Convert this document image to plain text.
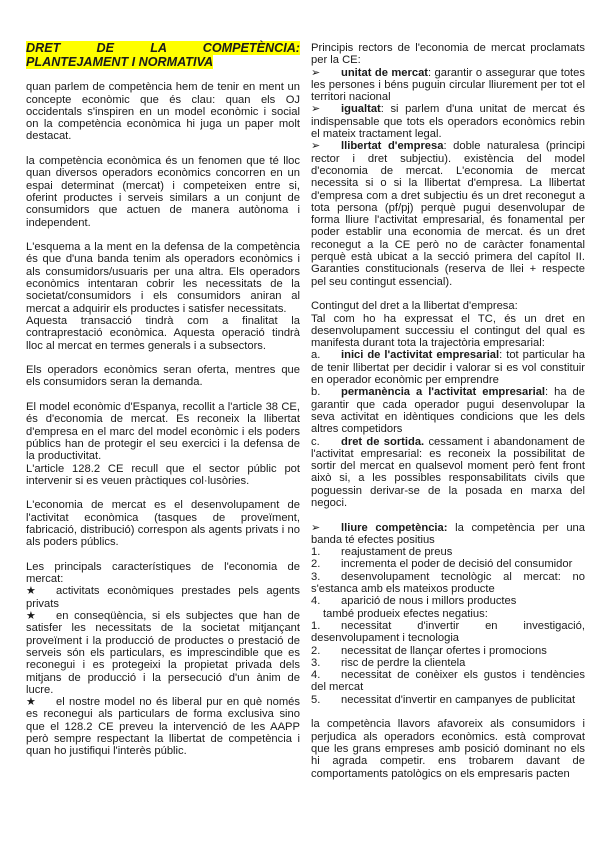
DRET DE LA COMPETÈNCIA: PLANTEJAMENT I NORMATIVA

quan parlem de competència hem de tenir en ment un concepte econòmic que és clau: quan els OJ occidentals s'inspiren en un model econòmic i social on la competència econòmica hi juga un paper molt destacat.

la competència econòmica és un fenomen que té lloc quan diversos operadors econòmics concorren en un espai determinat (mercat) i competeixen entre si, oferint productes i serveis similars a un conjunt de consumidors que actuen de manera autònoma i independent.

L'esquema a la ment en la defensa de la competència és que d'una banda tenim als operadors econòmics i als consumidors/usuaris per una altra. Els operadors econòmics intentaran cobrir les necessitats de la societat/consumidors i els consumidors aniran al mercat a adquirir els productes i satisfer necessitats.

Aquesta transacció tindrà com a finalitat la contraprestació econòmica. Aquesta operació tindrà lloc al mercat en termes generals i a subsectors.

Els operadors econòmics seran oferta, mentres que els consumidors seran la demanda.

El model econòmic d'Espanya, recollit a l'article 38 CE, és d'economia de mercat. Es reconeix la llibertat d'empresa en el marc del model econòmic i els poders públics han de protegir el seu exercici i la defensa de la productivitat.

L'article 128.2 CE recull que el sector públic pot intervenir si es veuen pràctiques col·lusòries.

L'economia de mercat es el desenvolupament de l'activitat econòmica (tasques de proveïment, fabricació, distribució) correspon als agents privats i no als poders públics.

Les principals característiques de l'economia de mercat:

★ activitats econòmiques prestades pels agents privats

★ en conseqüència, si els subjectes que han de satisfer les necessitats de la societat mitjançant proveïment i la producció de productes o prestació de serveis són els particulars, es imprescindible que es reconegui i es protegeixi la propietat privada dels mitjans de producció i la persecució d'un ànim de lucre.

★ el nostre model no és liberal pur en què només es reconegui als particulars de forma exclusiva sino que el 128.2 CE preveu la intervenció de les AAPP però sempre respectant la llibertat de competència i quan ho justifiqui l'interès públic.

Principis rectors de l'economia de mercat proclamats per la CE:

➢ unitat de mercat: garantir o assegurar que totes les persones i béns puguin circular lliurement per tot el territori nacional

➢ igualtat: si parlem d'una unitat de mercat és indispensable que tots els operadors econòmics rebin el mateix tractament legal.

➢ llibertat d'empresa: doble naturalesa (principi rector i dret subjectiu). existència del model d'economia de mercat. L'economia de mercat necessita si o si la llibertat d'empresa. La llibertat d'empresa com a dret subjectiu és un dret reconegut a tota persona (pf/pj) perquè pugui desenvolupar de forma lliure l'activitat empresarial, és fonamental per poder establir una economia de mercat. és un dret reconegut a la CE però no de caràcter fonamental perquè està ubicat a la secció primera del capítol II. Garanties constitucionals (reserva de llei + respecte pel seu contingut essencial).

Contingut del dret a la llibertat d'empresa:

Tal com ho ha expressat el TC, és un dret en desenvolupament successiu el contingut del qual es manifesta durant tota la trajectòria empresarial:

a. inici de l'activitat empresarial: tot particular ha de tenir llibertat per decidir i valorar si es vol constituir en operador econòmic per emprendre

b. permanència a l'activitat empresarial: ha de garantir que cada operador pugui desenvolupar la seva activitat en idèntiques condicions que les dels altres competidors

c. dret de sortida. cessament i abandonament de l'activitat empresarial: es reconeix la possibilitat de sortir del mercat en qualsevol moment però fent front això si, a les possibles responsabilitats civils que poguessin derivar-se de la posada en marxa del negoci.

➢ lliure competència: la competència per una banda té efectes positius

1. reajustament de preus

2. incrementa el poder de decisió del consumidor

3. desenvolupament tecnològic al mercat: no s'estanca amb els mateixos producte

4. aparició de nous i millors productes

també produeix efectes negatius:

1. necessitat d'invertir en investigació, desenvolupament i tecnologia

2. necessitat de llançar ofertes i promocions

3. risc de perdre la clientela

4. necessitat de conèixer els gustos i tendències del mercat

5. necessitat d'invertir en campanyes de publicitat

la competència llavors afavoreix als consumidors i perjudica als operadors econòmics. està comprovat que les grans empreses amb posició dominant no els hi agrada competir. ens trobarem davant de comportaments patològics on els empresaris pacten
